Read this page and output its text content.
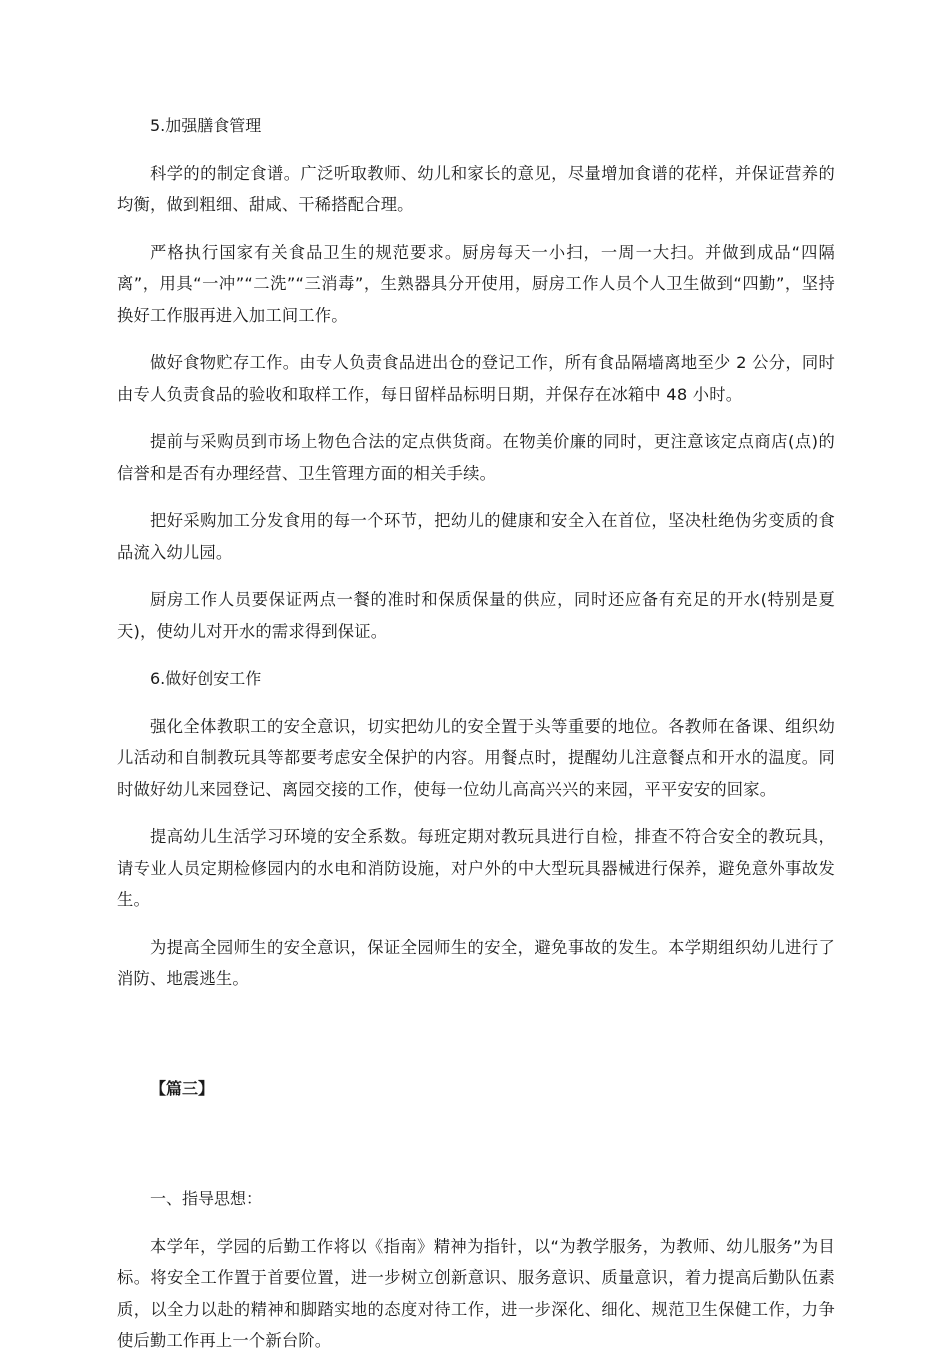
5.加强膳食管理

科学的的制定食谱。广泛听取教师、幼儿和家长的意见，尽量增加食谱的花样，并保证营养的均衡，做到粗细、甜咸、干稀搭配合理。

严格执行国家有关食品卫生的规范要求。厨房每天一小扫，一周一大扫。并做到成品“四隔离”，用具“一冲”“二洗”“三消毒”，生熟器具分开使用，厨房工作人员个人卫生做到“四勤”，坚持换好工作服再进入加工间工作。

做好食物贮存工作。由专人负责食品进出仓的登记工作，所有食品隔墙离地至少 2 公分，同时由专人负责食品的验收和取样工作，每日留样品标明日期，并保存在冰箱中 48 小时。

提前与采购员到市场上物色合法的定点供货商。在物美价廉的同时，更注意该定点商店(点)的信誉和是否有办理经营、卫生管理方面的相关手续。

把好采购加工分发食用的每一个环节，把幼儿的健康和安全入在首位，坚决杜绝伪劣变质的食品流入幼儿园。

厨房工作人员要保证两点一餐的准时和保质保量的供应，同时还应备有充足的开水(特别是夏天)，使幼儿对开水的需求得到保证。

6.做好创安工作

强化全体教职工的安全意识，切实把幼儿的安全置于头等重要的地位。各教师在备课、组织幼儿活动和自制教玩具等都要考虑安全保护的内容。用餐点时，提醒幼儿注意餐点和开水的温度。同时做好幼儿来园登记、离园交接的工作，使每一位幼儿高高兴兴的来园，平平安安的回家。

提高幼儿生活学习环境的安全系数。每班定期对教玩具进行自检，排查不符合安全的教玩具，请专业人员定期检修园内的水电和消防设施，对户外的中大型玩具器械进行保养，避免意外事故发生。

为提高全园师生的安全意识，保证全园师生的安全，避免事故的发生。本学期组织幼儿进行了消防、地震逃生。

【篇三】

一、指导思想：

本学年，学园的后勤工作将以《指南》精神为指针，以“为教学服务，为教师、幼儿服务”为目标。将安全工作置于首要位置，进一步树立创新意识、服务意识、质量意识，着力提高后勤队伍素质，以全力以赴的精神和脚踏实地的态度对待工作，进一步深化、细化、规范卫生保健工作，力争使后勤工作再上一个新台阶。
